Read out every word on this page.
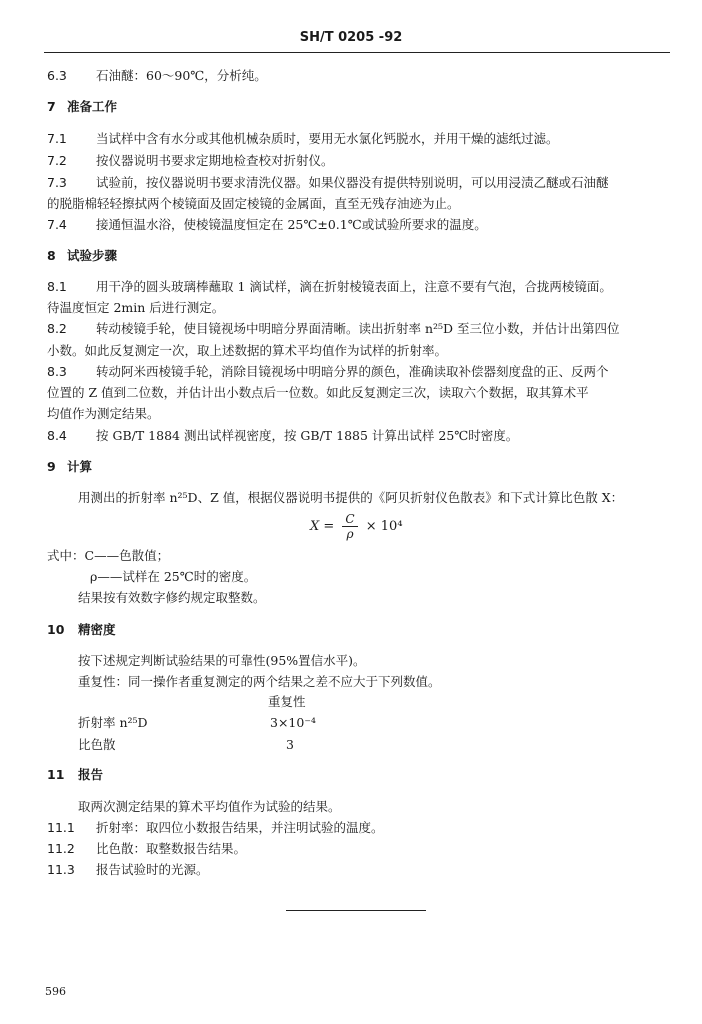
SH/T 0205 -92
6.3 石油醚：60～90℃，分析纯。
7 准备工作
7.1 当试样中含有水分或其他机械杂质时，要用无水氯化钙脱水，并用干燥的滤纸过滤。
7.2 按仪器说明书要求定期地检查校对折射仪。
7.3 试验前，按仪器说明书要求清洗仪器。如果仪器没有提供特别说明，可以用浸渍乙醚或石油醚
的脱脂棉轻轻擦拭两个棱镜面及固定棱镜的金属面，直至无残存油迹为止。
7.4 接通恒温水浴，使棱镜温度恒定在 25℃±0.1℃或试验所要求的温度。
8 试验步骤
8.1 用干净的圆头玻璃棒蘸取 1 滴试样，滴在折射棱镜表面上，注意不要有气泡，合拢两棱镜面。
待温度恒定 2min 后进行测定。
8.2 转动棱镜手轮，使目镜视场中明暗分界面清晰。读出折射率 n²⁵D 至三位小数，并估计出第四位
小数。如此反复测定一次，取上述数据的算术平均值作为试样的折射率。
8.3 转动阿米西棱镜手轮，消除目镜视场中明暗分界的颜色，准确读取补偿器刻度盘的正、反两个
位置的 Z 值到二位数，并估计出小数点后一位数。如此反复测定三次，读取六个数据，取其算术平
均值作为测定结果。
8.4 按 GB/T 1884 测出试样视密度，按 GB/T 1885 计算出试样 25℃时密度。
9 计算
用测出的折射率 n²⁵D、Z 值，根据仪器说明书提供的《阿贝折射仪色散表》和下式计算比色散 X：
式中：C——色散值；
ρ——试样在 25℃时的密度。
结果按有效数字修约规定取整数。
10 精密度
按下述规定判断试验结果的可靠性(95%置信水平)。
重复性：同一操作者重复测定的两个结果之差不应大于下列数值。
11 报告
取两次测定结果的算术平均值作为试验的结果。
11.1 折射率：取四位小数报告结果，并注明试验的温度。
11.2 比色散：取整数报告结果。
11.3 报告试验时的光源。
$X = \frac{C}{\rho} \times 10^4$
重复性
折射率 n²⁵D	3×10⁻⁴
比色散	3
596
